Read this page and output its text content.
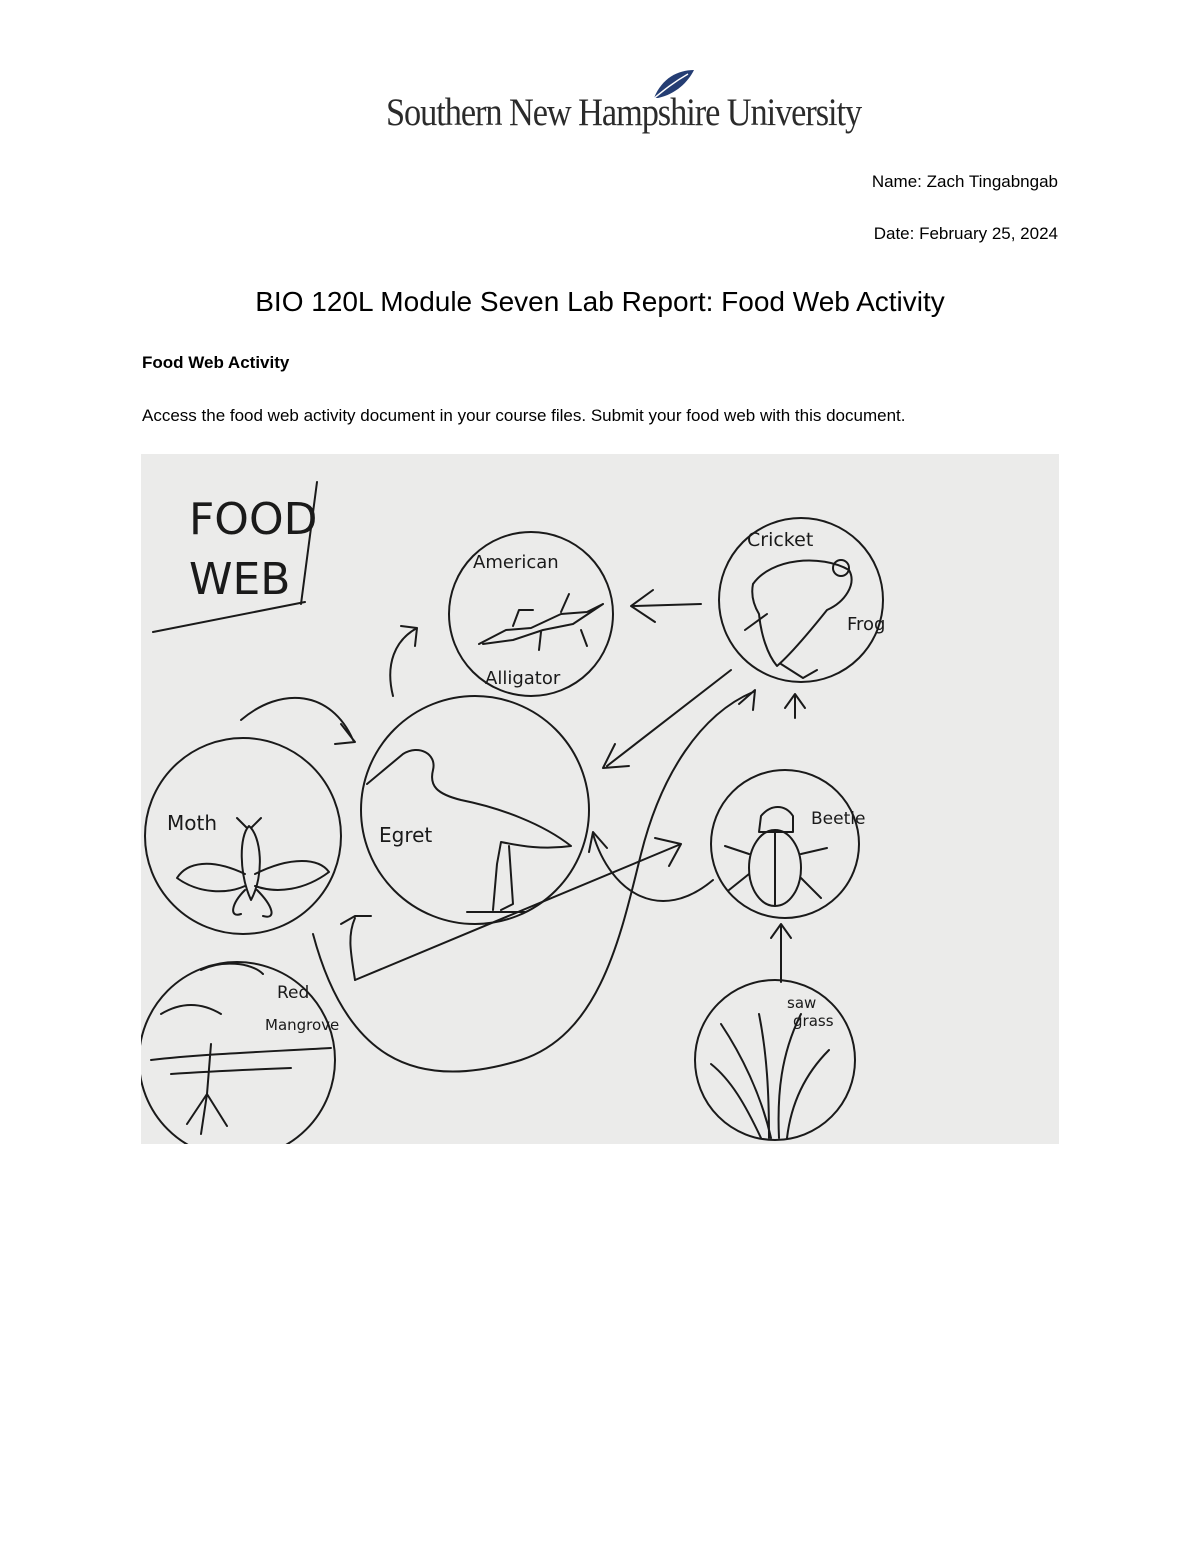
Southern New Hampshire University
Name: Zach Tingabngab
Date: February 25, 2024
BIO 120L Module Seven Lab Report: Food Web Activity
Food Web Activity
Access the food web activity document in your course files. Submit your food web with this document.
FOOD
WEB	American
Alligator
Cricket
Frog
Egret
Moth	Beetle
Red
Mangrove
saw
grass
